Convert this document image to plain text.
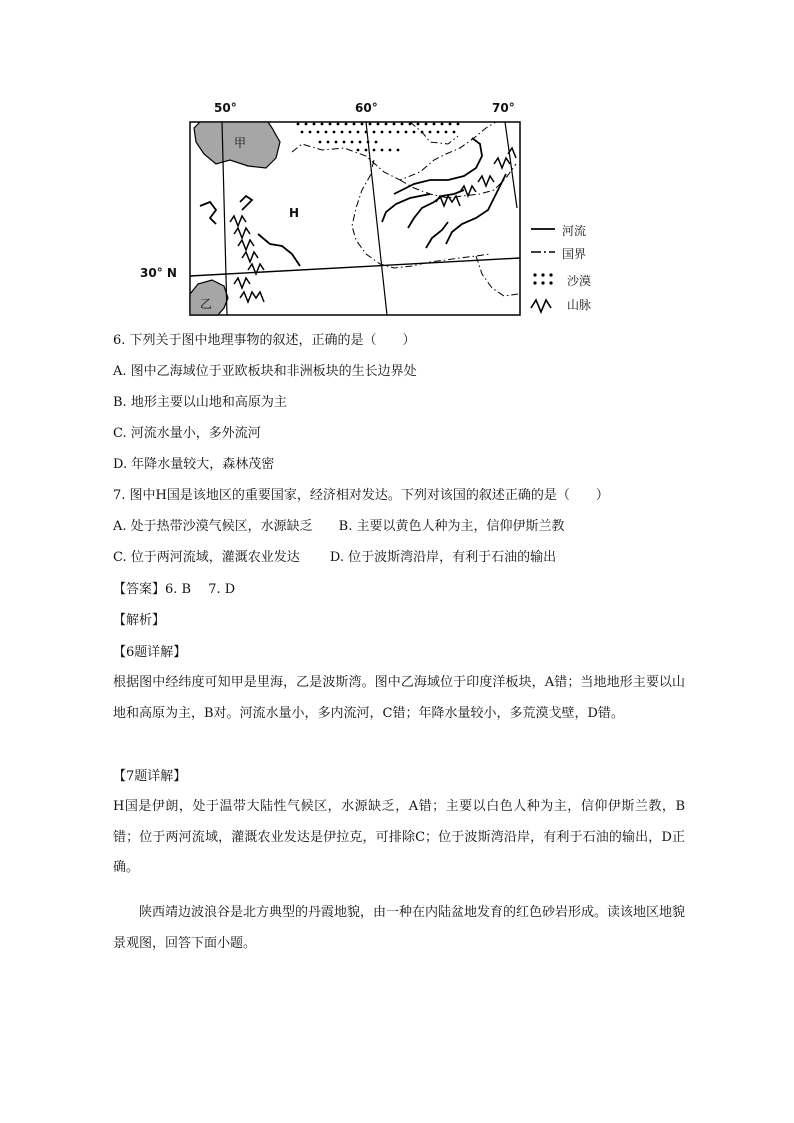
50°	60°	70°
30° N
甲
乙
H
河流
国界
沙漠
山脉
6. 下列关于图中地理事物的叙述，正确的是（　　）
A. 图中乙海域位于亚欧板块和非洲板块的生长边界处
B. 地形主要以山地和高原为主
C. 河流水量小，多外流河
D. 年降水量较大，森林茂密
7. 图中H国是该地区的重要国家，经济相对发达。下列对该国的叙述正确的是（　　）
A. 处于热带沙漠气候区，水源缺乏　　B. 主要以黄色人种为主，信仰伊斯兰教
C. 位于两河流域，灌溉农业发达　　 D. 位于波斯湾沿岸，有利于石油的输出
【答案】6. B　 7. D
【解析】
【6题详解】
根据图中经纬度可知甲是里海，乙是波斯湾。图中乙海域位于印度洋板块，A错；当地地形主要以山地和高原为主，B对。河流水量小，多内流河，C错；年降水量较小，多荒漠戈壁，D错。
【7题详解】
H国是伊朗，处于温带大陆性气候区，水源缺乏，A错；主要以白色人种为主，信仰伊斯兰教，B错；位于两河流域，灌溉农业发达是伊拉克，可排除C；位于波斯湾沿岸，有利于石油的输出，D正确。
陕西靖边波浪谷是北方典型的丹霞地貌，由一种在内陆盆地发育的红色砂岩形成。读该地区地貌景观图，回答下面小题。
